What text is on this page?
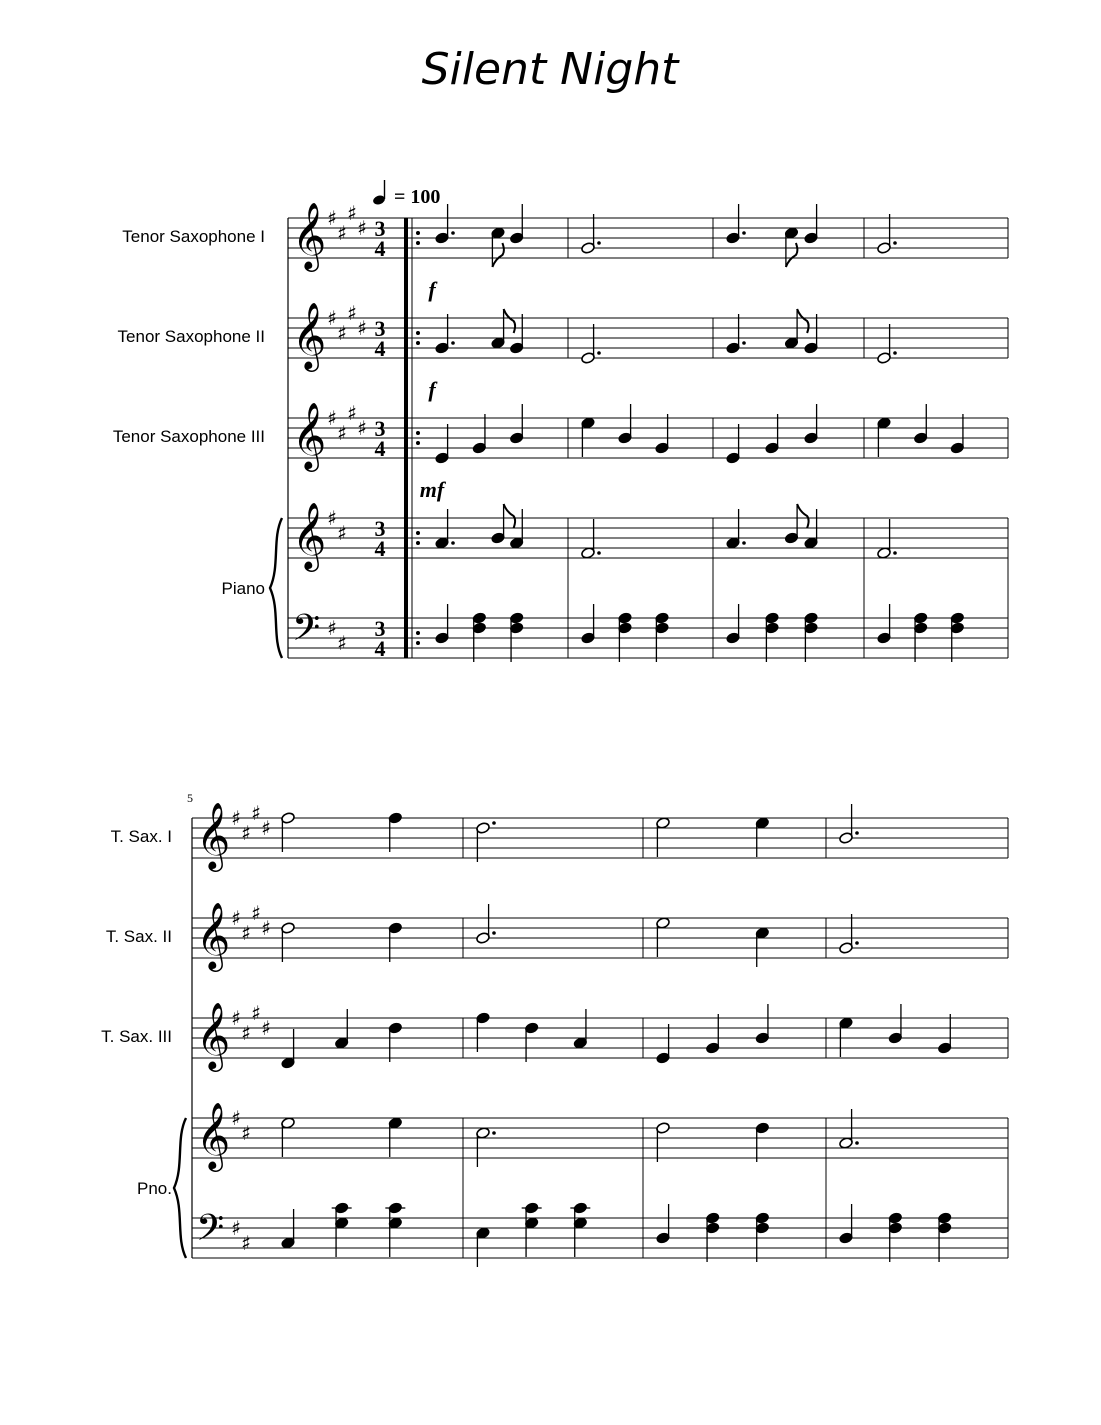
Silent Night
= 100
5
𝄞 ♯
♯
♯
♯ 3
4
𝄞 ♯
♯
♯
♯ 3
4
𝄞 ♯
♯
♯
♯ 3
4
𝄞 ♯
♯ 3
4
𝄢 ♯
♯
3
4
Tenor Saxophone I
Tenor Saxophone II
Tenor Saxophone III
Piano
𝄞 ♯
♯
♯
♯
𝄞 ♯
♯
♯
♯
𝄞 ♯
♯
♯
♯
𝄞 ♯
♯
𝄢 ♯
♯
T. Sax. I
T. Sax. II
T. Sax. III
Pno.
f
f
mf
